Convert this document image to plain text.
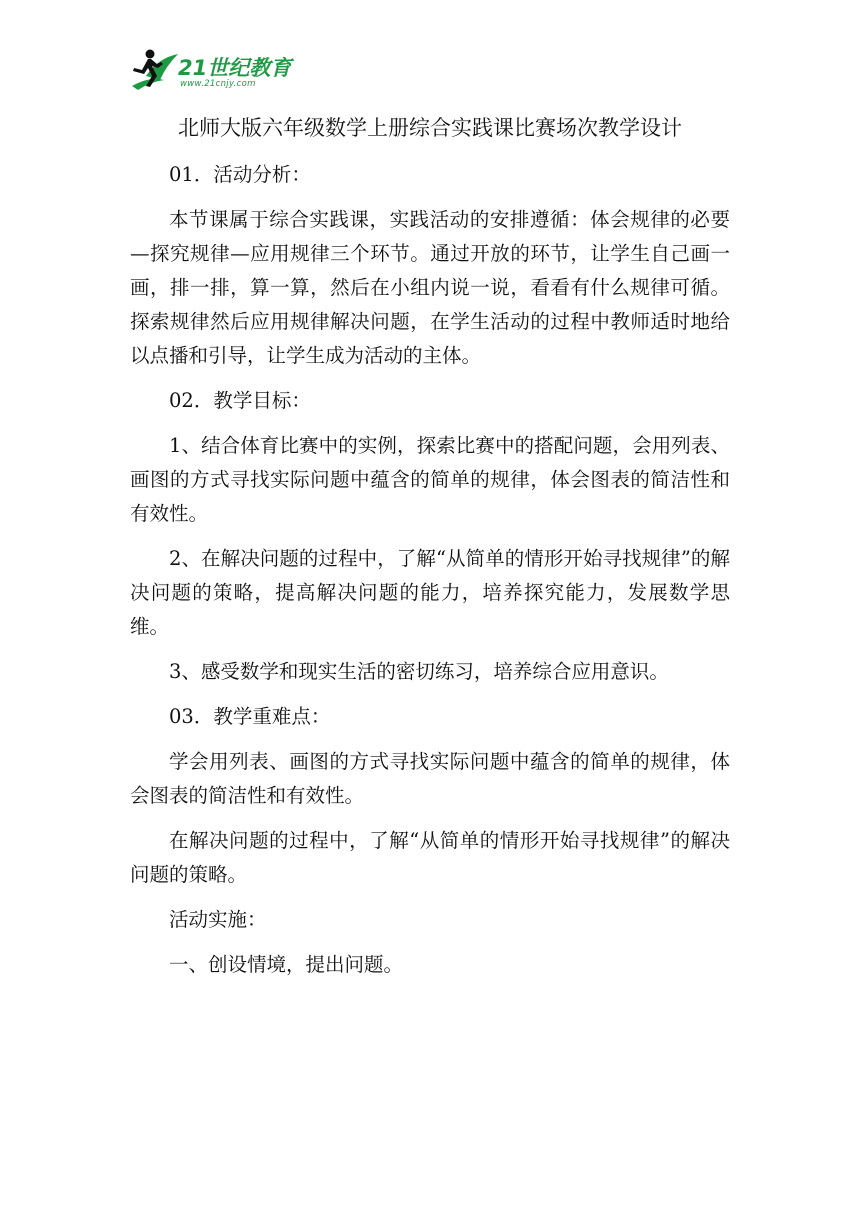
21世纪教育
www.21cnjy.com
北师大版六年级数学上册综合实践课比赛场次教学设计

01．活动分析：

本节课属于综合实践课，实践活动的安排遵循：体会规律的必要—探究规律—应用规律三个环节。通过开放的环节，让学生自己画一画，排一排，算一算，然后在小组内说一说，看看有什么规律可循。探索规律然后应用规律解决问题，在学生活动的过程中教师适时地给以点播和引导，让学生成为活动的主体。

02．教学目标：

1、结合体育比赛中的实例，探索比赛中的搭配问题，会用列表、画图的方式寻找实际问题中蕴含的简单的规律，体会图表的简洁性和有效性。

2、在解决问题的过程中，了解“从简单的情形开始寻找规律”的解决问题的策略，提高解决问题的能力，培养探究能力，发展数学思维。

3、感受数学和现实生活的密切练习，培养综合应用意识。

03．教学重难点：

学会用列表、画图的方式寻找实际问题中蕴含的简单的规律，体会图表的简洁性和有效性。

在解决问题的过程中，了解“从简单的情形开始寻找规律”的解决问题的策略。

活动实施：

一、创设情境，提出问题。
